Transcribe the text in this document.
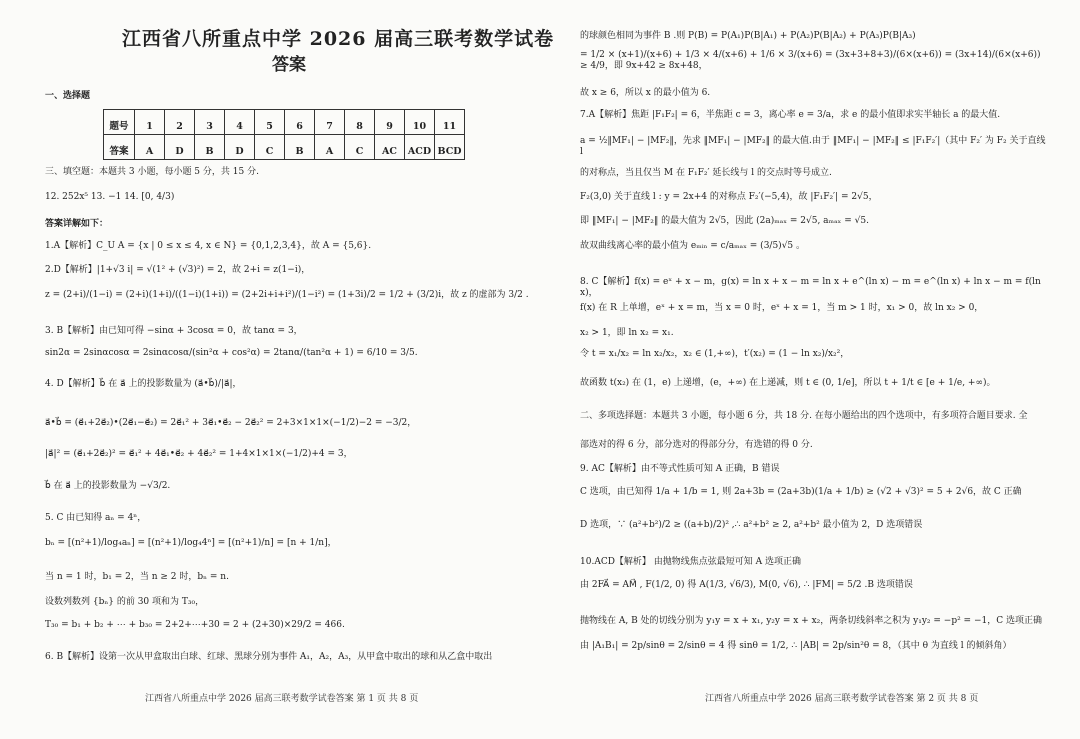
江西省八所重点中学 2026 届高三联考数学试卷
答案
一、选择题
题号	1	2	3	4	5	6	7	8	9	10	11
答案	A	D	B	D	C	B	A	C	AC	ACD	BCD
三、填空题：本题共 3 小题，每小题 5 分，共 15 分.
12. 252x⁵ 13. −1 14. [0, 4/3)
答案详解如下：
1.A【解析】C_U A = {x | 0 ≤ x ≤ 4, x ∈ N} = {0,1,2,3,4}，故 A = {5,6}.
2.D【解析】|1+√3 i| = √(1² + (√3)²) = 2，故 2+i = z(1−i)，
z = (2+i)/(1−i) = (2+i)(1+i)/((1−i)(1+i)) = (2+2i+i+i²)/(1−i²) = (1+3i)/2 = 1/2 + (3/2)i，故 z 的虚部为 3/2 .
3. B【解析】由已知可得 −sinα + 3cosα = 0，故 tanα = 3，
sin2α = 2sinαcosα = 2sinαcosα/(sin²α + cos²α) = 2tanα/(tan²α + 1) = 6/10 = 3/5.
4. D【解析】b⃗ 在 a⃗ 上的投影数量为 (a⃗•b⃗)/|a⃗|，
a⃗•b⃗ = (e⃗₁+2e⃗₂)•(2e⃗₁−e⃗₂) = 2e⃗₁² + 3e⃗₁•e⃗₂ − 2e⃗₂² = 2+3×1×1×(−1/2)−2 = −3/2，
|a⃗|² = (e⃗₁+2e⃗₂)² = e⃗₁² + 4e⃗₁•e⃗₂ + 4e⃗₂² = 1+4×1×1×(−1/2)+4 = 3，
b⃗ 在 a⃗ 上的投影数量为 −√3/2.
5. C 由已知得 aₙ = 4ⁿ，
bₙ = [(n²+1)/log₄aₙ] = [(n²+1)/log₄4ⁿ] = [(n²+1)/n] = [n + 1/n]，
当 n = 1 时，b₁ = 2，当 n ≥ 2 时，bₙ = n.
设数列数列 {bₙ} 的前 30 项和为 T₃₀，
T₃₀ = b₁ + b₂ + ⋯ + b₃₀ = 2+2+⋯+30 = 2 + (2+30)×29/2 = 466.
6. B【解析】设第一次从甲盒取出白球、红球、黑球分别为事件 A₁，A₂，A₃，从甲盒中取出的球和从乙盒中取出
江西省八所重点中学 2026 届高三联考数学试卷答案 第 1 页 共 8 页
的球颜色相同为事件 B .则 P(B) = P(A₁)P(B|A₁) + P(A₂)P(B|A₂) + P(A₃)P(B|A₃)
= 1/2 × (x+1)/(x+6) + 1/3 × 4/(x+6) + 1/6 × 3/(x+6) = (3x+3+8+3)/(6×(x+6)) = (3x+14)/(6×(x+6)) ≥ 4/9，即 9x+42 ≥ 8x+48，
故 x ≥ 6，所以 x 的最小值为 6.
7.A【解析】焦距 |F₁F₂| = 6，半焦距 c = 3，离心率 e = 3/a，求 e 的最小值即求实半轴长 a 的最大值.
a = ½‖MF₁| − |MF₂‖，先求 ‖MF₁| − |MF₂‖ 的最大值.由于 ‖MF₁| − |MF₂‖ ≤ |F₁F₂′|（其中 F₂′ 为 F₂ 关于直线 l
的对称点，当且仅当 M 在 F₁F₂′ 延长线与 l 的交点时等号成立.
F₂(3,0) 关于直线 l : y = 2x+4 的对称点 F₂′(−5,4)，故 |F₁F₂′| = 2√5，
即 ‖MF₁| − |MF₂‖ 的最大值为 2√5，因此 (2a)ₘₐₓ = 2√5, aₘₐₓ = √5.
故双曲线离心率的最小值为 eₘᵢₙ = c/aₘₐₓ = (3/5)√5 。
8. C【解析】f(x) = eˣ + x − m，g(x) = ln x + x − m = ln x + e^(ln x) − m = e^(ln x) + ln x − m = f(ln x)，
f(x) 在 R 上单增，eˣ + x = m，当 x = 0 时，eˣ + x = 1，当 m > 1 时，x₁ > 0，故 ln x₂ > 0，
x₂ > 1，即 ln x₂ = x₁.
令 t = x₁/x₂ = ln x₂/x₂，x₂ ∈ (1,+∞)，t′(x₂) = (1 − ln x₂)/x₂²，
故函数 t(x₂) 在 (1，e) 上递增，(e，+∞) 在上递减，则 t ∈ (0, 1/e]，所以 t + 1/t ∈ [e + 1/e, +∞)。
二、多项选择题：本题共 3 小题，每小题 6 分，共 18 分. 在每小题给出的四个选项中，有多项符合题目要求. 全
部选对的得 6 分，部分选对的得部分分，有选错的得 0 分.
9. AC【解析】由不等式性质可知 A 正确，B 错误
C 选项，由已知得 1/a + 1/b = 1, 则 2a+3b = (2a+3b)(1/a + 1/b) ≥ (√2 + √3)² = 5 + 2√6，故 C 正确
D 选项，∵ (a²+b²)/2 ≥ ((a+b)/2)² ,∴ a²+b² ≥ 2, a²+b² 最小值为 2，D 选项错误
10.ACD【解析】 由抛物线焦点弦最短可知 A 选项正确
由 2FA⃗ = AM⃗ , F(1/2, 0) 得 A(1/3, √6/3), M(0, √6), ∴ |FM| = 5/2 .B 选项错误
抛物线在 A, B 处的切线分别为 y₁y = x + x₁, y₂y = x + x₂，两条切线斜率之积为 y₁y₂ = −p² = −1，C 选项正确
由 |A₁B₁| = 2p/sinθ = 2/sinθ = 4 得 sinθ = 1/2, ∴ |AB| = 2p/sin²θ = 8，（其中 θ 为直线 l 的倾斜角）
江西省八所重点中学 2026 届高三联考数学试卷答案 第 2 页 共 8 页
